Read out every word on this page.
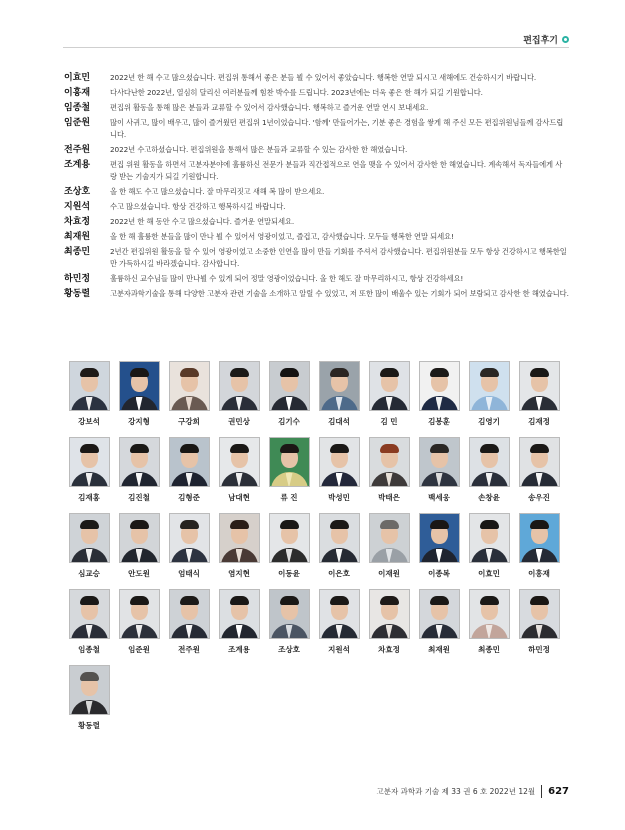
편집후기
이효민	2022년 한 해 수고 많으셨습니다. 편집위 통해서 좋은 분들 뵐 수 있어서 좋았습니다. 행복한 연말 되시고 새해에도 건승하시기 바랍니다.
이흥재	다사다난한 2022년, 열심히 달리신 여러분들께 힘찬 박수를 드립니다. 2023년에는 더욱 좋은 한 해가 되길 기원합니다.
임종철	편집위 활동을 통해 많은 분들과 교류할 수 있어서 감사했습니다. 행복하고 즐거운 연말 연시 보내세요.
임준원	많이 사귀고, 많이 배우고, 많이 즐거웠던 편집위 1년이었습니다. '함께' 만들어가는, 기분 좋은 경험을 쌓게 해 주신 모든 편집위원님들께 감사드립니다.
전주원	2022년 수고하셨습니다. 편집위원을 통해서 많은 분들과 교류할 수 있는 감사한 한 해였습니다.
조계용	편집 위원 활동을 하면서 고분자분야에 훌륭하신 전문가 분들과 직간접적으로 연을 맺을 수 있어서 감사한 한 해였습니다. 계속해서 독자들에게 사랑 받는 기술지가 되길 기원합니다.
조상호	올 한 해도 수고 많으셨습니다. 잘 마무리짓고 새해 복 많이 받으세요.
지원석	수고 많으셨습니다. 항상 건강하고 행복하시길 바랍니다.
차효정	2022년 한 해 동안 수고 많으셨습니다. 즐거운 연말되세요.
최재원	올 한 해 훌륭한 분들을 많이 만나 뵐 수 있어서 영광이었고, 즐겁고, 감사했습니다. 모두들 행복한 연말 되세요!
최종민	2년간 편집위원 활동을 할 수 있어 영광이었고 소중한 인연을 많이 만들 기회를 주셔서 감사했습니다. 편집위원분들 모두 항상 건강하시고 행복한일만 가득하시길 바라겠습니다. 감사합니다.
하민정	훌륭하신 교수님들 많이 만나뵐 수 있게 되어 정말 영광이었습니다. 올 한 해도 잘 마무리하시고, 항상 건강하세요!
황동렬	고분자과학기술을 통해 다양한 고분자 관련 기술을 소개하고 알릴 수 있었고, 저 또한 많이 배울수 있는 기회가 되어 보람되고 감사한 한 해였습니다.
강보석	강지형	구강희	권민상	김기수	김대석	김 민	김봉훈	김영기	김재정
김재홍	김진철	김형준	남대현	류 진	박성민	박태은	백세웅	손창윤	송우진
심교승	안도원	엄태식	염지현	이동윤	이은호	이재원	이종복	이효민	이흥재
임종철	임준원	전주원	조계용	조상호	지원석	차효정	최재원	최종민	하민정
황동렬
고분자 과학과 기술 제 33 권 6 호 2022년 12월 627
